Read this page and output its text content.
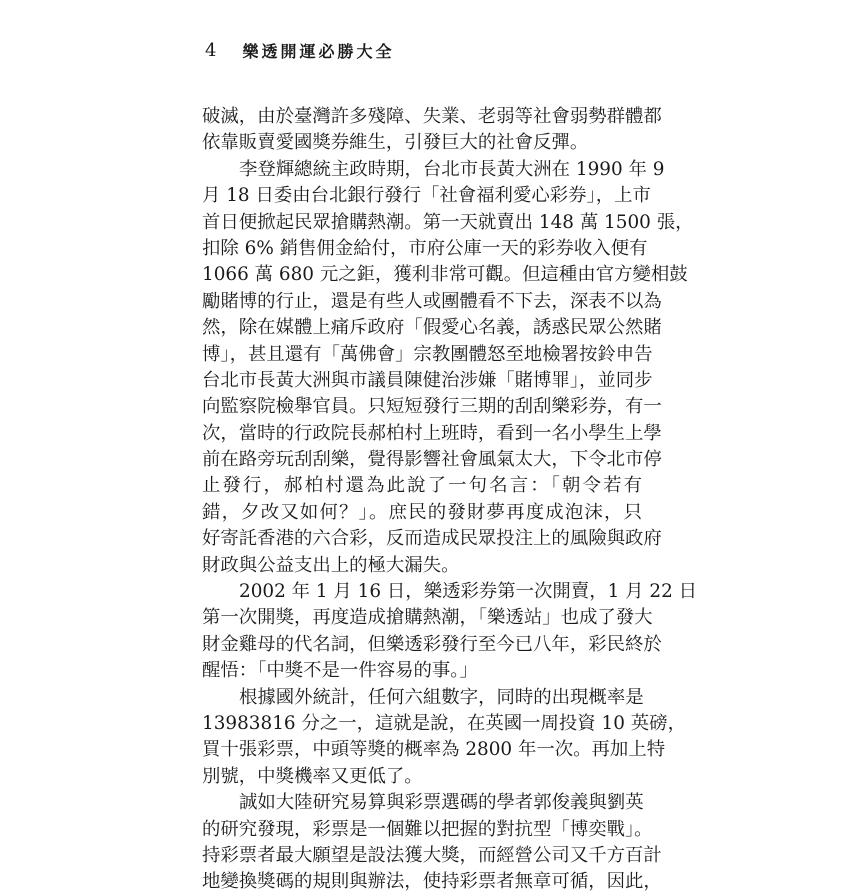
4 樂透開運必勝大全
破滅，由於臺灣許多殘障、失業、老弱等社會弱勢群體都
依靠販賣愛國獎券維生，引發巨大的社會反彈。
李登輝總統主政時期，台北市長黃大洲在 1990 年 9
月 18 日委由台北銀行發行「社會福利愛心彩券」，上市
首日便掀起民眾搶購熱潮。第一天就賣出 148 萬 1500 張，
扣除 6% 銷售佣金給付，市府公庫一天的彩券收入便有
1066 萬 680 元之鉅，獲利非常可觀。但這種由官方變相鼓
勵賭博的行止，還是有些人或團體看不下去，深表不以為
然，除在媒體上痛斥政府「假愛心名義，誘惑民眾公然賭
博」，甚且還有「萬佛會」宗教團體怒至地檢署按鈴申告
台北市長黃大洲與市議員陳健治涉嫌「賭博罪」，並同步
向監察院檢舉官員。只短短發行三期的刮刮樂彩券，有一
次，當時的行政院長郝柏村上班時，看到一名小學生上學
前在路旁玩刮刮樂，覺得影響社會風氣太大，下令北市停
止發行，郝柏村還為此說了一句名言：「朝令若有
錯，夕改又如何？」。庶民的發財夢再度成泡沫，只
好寄託香港的六合彩，反而造成民眾投注上的風險與政府
財政與公益支出上的極大漏失。
2002 年 1 月 16 日，樂透彩券第一次開賣，1 月 22 日
第一次開獎，再度造成搶購熱潮，「樂透站」也成了發大
財金雞母的代名詞，但樂透彩發行至今已八年，彩民終於
醒悟：「中獎不是一件容易的事。」
根據國外統計，任何六組數字，同時的出現概率是
13983816 分之一，這就是說，在英國一周投資 10 英磅，
買十張彩票，中頭等獎的概率為 2800 年一次。再加上特
別號，中獎機率又更低了。
誠如大陸研究易算與彩票選碼的學者郭俊義與劉英
的研究發現，彩票是一個難以把握的對抗型「博奕戰」。
持彩票者最大願望是設法獲大獎，而經營公司又千方百計
地變換獎碼的規則與辦法，使持彩票者無章可循，因此，
